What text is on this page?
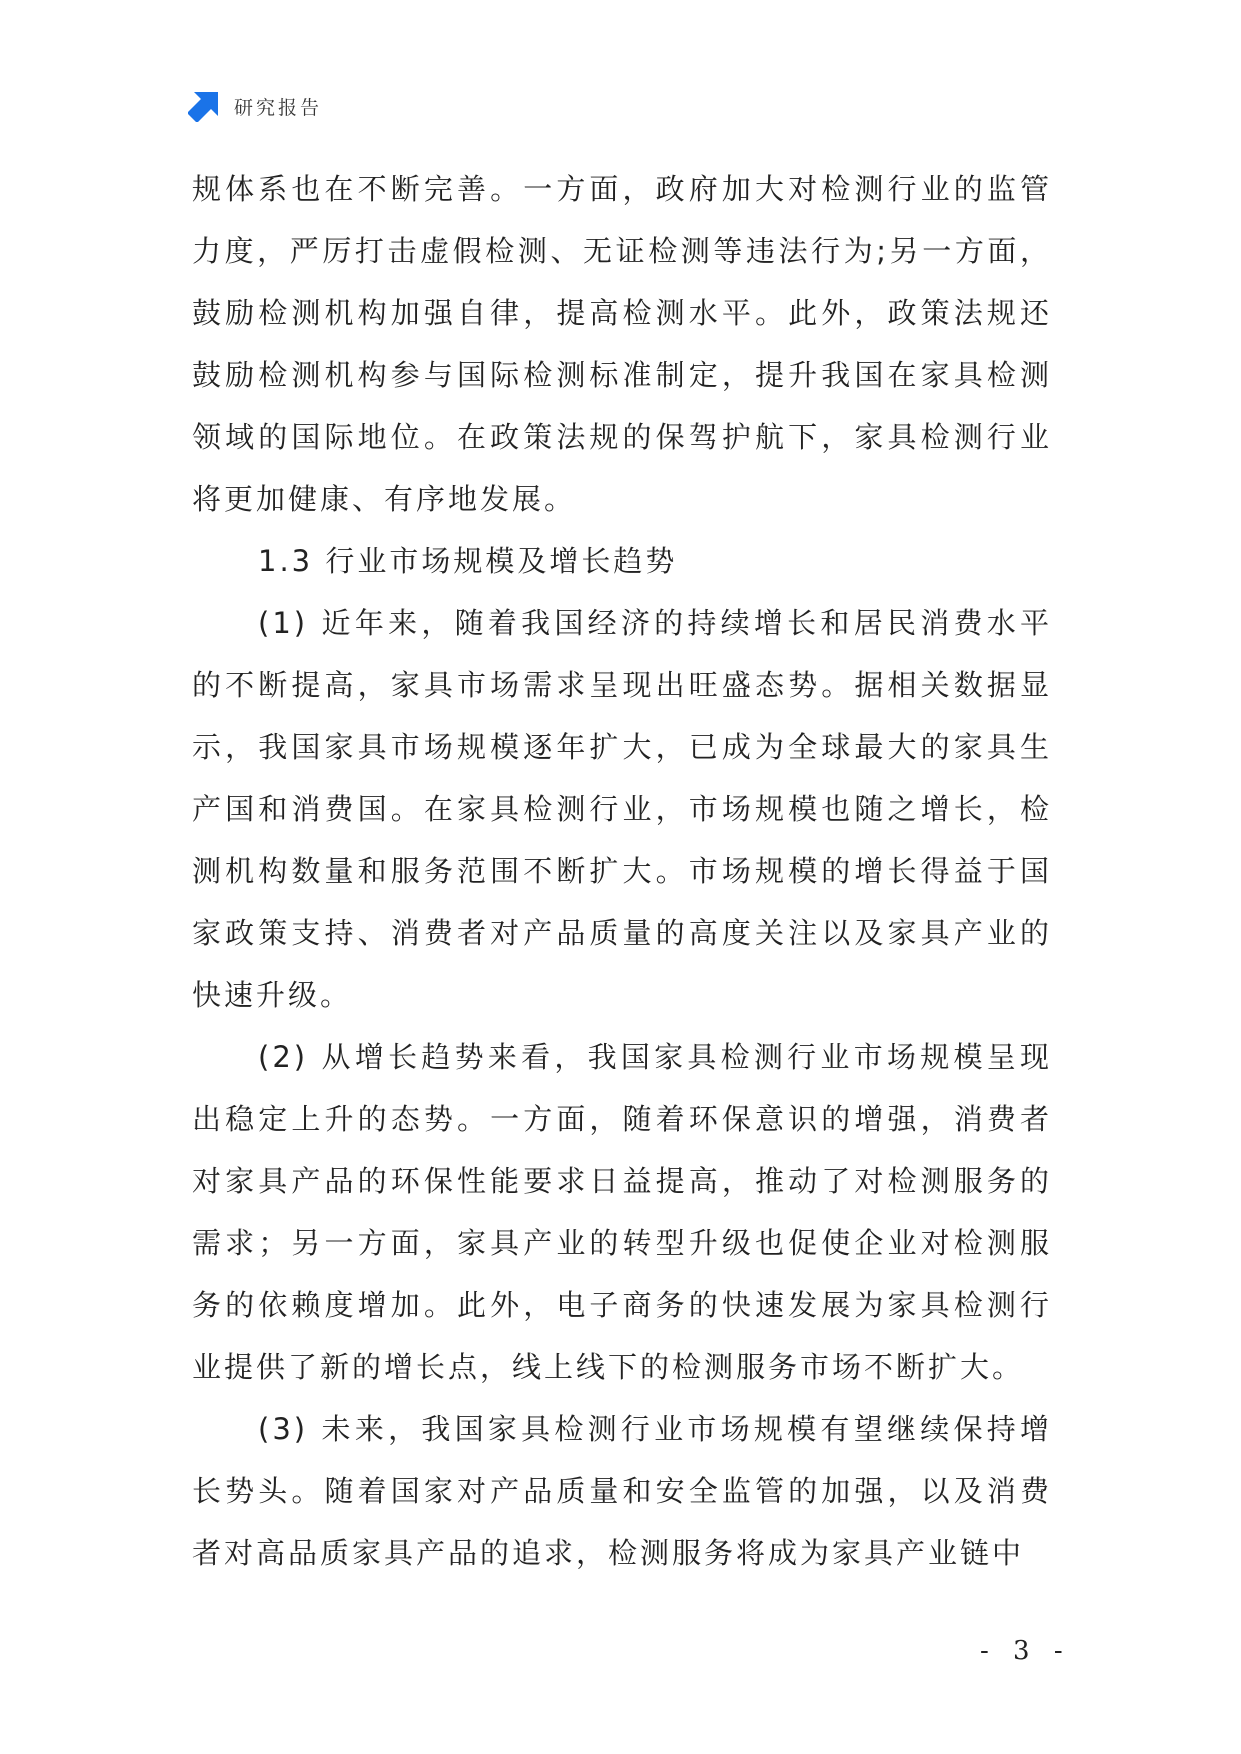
研究报告

规体系也在不断完善。一方面，政府加大对检测行业的监管力度，严厉打击虚假检测、无证检测等违法行为;另一方面，鼓励检测机构加强自律，提高检测水平。此外，政策法规还鼓励检测机构参与国际检测标准制定，提升我国在家具检测领域的国际地位。在政策法规的保驾护航下，家具检测行业将更加健康、有序地发展。

1.3 行业市场规模及增长趋势

(1) 近年来，随着我国经济的持续增长和居民消费水平的不断提高，家具市场需求呈现出旺盛态势。据相关数据显示，我国家具市场规模逐年扩大，已成为全球最大的家具生产国和消费国。在家具检测行业，市场规模也随之增长，检测机构数量和服务范围不断扩大。市场规模的增长得益于国家政策支持、消费者对产品质量的高度关注以及家具产业的快速升级。

(2) 从增长趋势来看，我国家具检测行业市场规模呈现出稳定上升的态势。一方面，随着环保意识的增强，消费者对家具产品的环保性能要求日益提高，推动了对检测服务的需求；另一方面，家具产业的转型升级也促使企业对检测服务的依赖度增加。此外，电子商务的快速发展为家具检测行业提供了新的增长点，线上线下的检测服务市场不断扩大。

(3) 未来，我国家具检测行业市场规模有望继续保持增长势头。随着国家对产品质量和安全监管的加强，以及消费者对高品质家具产品的追求，检测服务将成为家具产业链中

- 3 -
